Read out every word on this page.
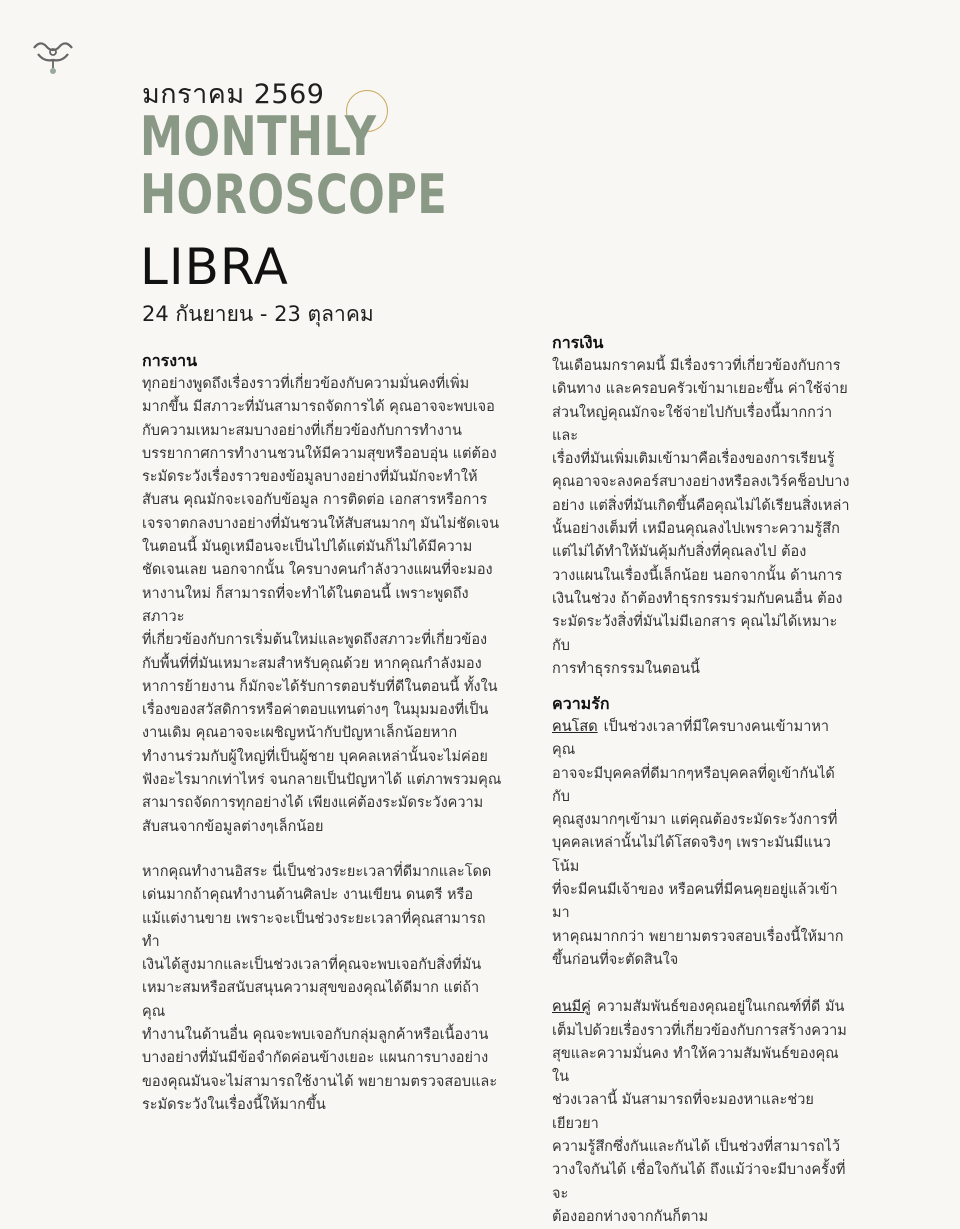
มกราคม 2569
MONTHLY
HOROSCOPE
LIBRA
24 กันยายน - 23 ตุลาคม
การงาน

ทุกอย่างพูดถึงเรื่องราวที่เกี่ยวข้องกับความมั่นคงที่เพิ่ม
มากขึ้น มีสภาวะที่มันสามารถจัดการได้ คุณอาจจะพบเจอ
กับความเหมาะสมบางอย่างที่เกี่ยวข้องกับการทำงาน
บรรยากาศการทำงานชวนให้มีความสุขหรืออบอุ่น แต่ต้อง
ระมัดระวังเรื่องราวของข้อมูลบางอย่างที่มันมักจะทำให้
สับสน คุณมักจะเจอกับข้อมูล การติดต่อ เอกสารหรือการ
เจรจาตกลงบางอย่างที่มันชวนให้สับสนมากๆ มันไม่ชัดเจน
ในตอนนี้ มันดูเหมือนจะเป็นไปได้แต่มันก็ไม่ได้มีความ
ชัดเจนเลย นอกจากนั้น ใครบางคนกำลังวางแผนที่จะมอง
หางานใหม่ ก็สามารถที่จะทำได้ในตอนนี้ เพราะพูดถึงสภาวะ
ที่เกี่ยวข้องกับการเริ่มต้นใหม่และพูดถึงสภาวะที่เกี่ยวข้อง
กับพื้นที่ที่มันเหมาะสมสำหรับคุณด้วย หากคุณกำลังมอง
หาการย้ายงาน ก็มักจะได้รับการตอบรับที่ดีในตอนนี้ ทั้งใน
เรื่องของสวัสดิการหรือค่าตอบแทนต่างๆ ในมุมมองที่เป็น
งานเดิม คุณอาจจะเผชิญหน้ากับปัญหาเล็กน้อยหาก
ทำงานร่วมกับผู้ใหญ่ที่เป็นผู้ชาย บุคคลเหล่านั้นจะไม่ค่อย
ฟังอะไรมากเท่าไหร่ จนกลายเป็นปัญหาได้ แต่ภาพรวมคุณ
สามารถจัดการทุกอย่างได้ เพียงแค่ต้องระมัดระวังความ
สับสนจากข้อมูลต่างๆเล็กน้อย

หากคุณทำงานอิสระ นี่เป็นช่วงระยะเวลาที่ดีมากและโดด
เด่นมากถ้าคุณทำงานด้านศิลปะ งานเขียน ดนตรี หรือ
แม้แต่งานขาย เพราะจะเป็นช่วงระยะเวลาที่คุณสามารถทำ
เงินได้สูงมากและเป็นช่วงเวลาที่คุณจะพบเจอกับสิ่งที่มัน
เหมาะสมหรือสนับสนุนความสุขของคุณได้ดีมาก แต่ถ้าคุณ
ทำงานในด้านอื่น คุณจะพบเจอกับกลุ่มลูกค้าหรือเนื้องาน
บางอย่างที่มันมีข้อจำกัดค่อนข้างเยอะ แผนการบางอย่าง
ของคุณมันจะไม่สามารถใช้งานได้ พยายามตรวจสอบและ
ระมัดระวังในเรื่องนี้ให้มากขึ้น

การเงิน

ในเดือนมกราคมนี้ มีเรื่องราวที่เกี่ยวข้องกับการ
เดินทาง และครอบครัวเข้ามาเยอะขึ้น ค่าใช้จ่าย
ส่วนใหญ่คุณมักจะใช้จ่ายไปกับเรื่องนี้มากกว่า และ
เรื่องที่มันเพิ่มเติมเข้ามาคือเรื่องของการเรียนรู้
คุณอาจจะลงคอร์สบางอย่างหรือลงเวิร์คช็อปบาง
อย่าง แต่สิ่งที่มันเกิดขึ้นคือคุณไม่ได้เรียนสิ่งเหล่า
นั้นอย่างเต็มที่ เหมือนคุณลงไปเพราะความรู้สึก
แต่ไม่ได้ทำให้มันคุ้มกับสิ่งที่คุณลงไป ต้อง
วางแผนในเรื่องนี้เล็กน้อย นอกจากนั้น ด้านการ
เงินในช่วง ถ้าต้องทำธุรกรรมร่วมกับคนอื่น ต้อง
ระมัดระวังสิ่งที่มันไม่มีเอกสาร คุณไม่ได้เหมาะกับ
การทำธุรกรรมในตอนนี้

ความรัก

คนโสด เป็นช่วงเวลาที่มีใครบางคนเข้ามาหาคุณ
อาจจะมีบุคคลที่ดีมากๆหรือบุคคลที่ดูเข้ากันได้กับ
คุณสูงมากๆเข้ามา แต่คุณต้องระมัดระวังการที่
บุคคลเหล่านั้นไม่ได้โสดจริงๆ เพราะมันมีแนวโน้ม
ที่จะมีคนมีเจ้าของ หรือคนที่มีคนคุยอยู่แล้วเข้ามา
หาคุณมากกว่า พยายามตรวจสอบเรื่องนี้ให้มาก
ขึ้นก่อนที่จะตัดสินใจ

คนมีคู่ ความสัมพันธ์ของคุณอยู่ในเกณฑ์ที่ดี มัน
เต็มไปด้วยเรื่องราวที่เกี่ยวข้องกับการสร้างความ
สุขและความมั่นคง ทำให้ความสัมพันธ์ของคุณใน
ช่วงเวลานี้ มันสามารถที่จะมองหาและช่วยเยียวยา
ความรู้สึกซึ่งกันและกันได้ เป็นช่วงที่สามารถไว้
วางใจกันได้ เชื่อใจกันได้ ถึงแม้ว่าจะมีบางครั้งที่จะ
ต้องออกห่างจากกันก็ตาม
